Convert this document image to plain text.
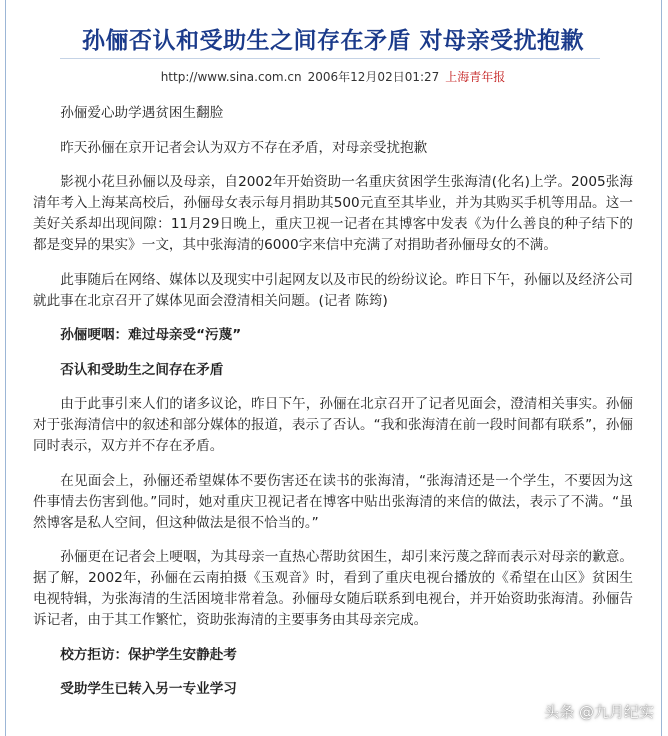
孙俪否认和受助生之间存在矛盾 对母亲受扰抱歉
http://www.sina.com.cn 2006年12月02日01:27 上海青年报

孙俪爱心助学遇贫困生翻脸

昨天孙俪在京开记者会认为双方不存在矛盾，对母亲受扰抱歉

影视小花旦孙俪以及母亲，自2002年开始资助一名重庆贫困学生张海清(化名)上学。2005张海清年考入上海某高校后，孙俪母女表示每月捐助其500元直至其毕业，并为其购买手机等用品。这一美好关系却出现间隙：11月29日晚上，重庆卫视一记者在其博客中发表《为什么善良的种子结下的都是变异的果实》一文，其中张海清的6000字来信中充满了对捐助者孙俪母女的不满。

此事随后在网络、媒体以及现实中引起网友以及市民的纷纷议论。昨日下午，孙俪以及经济公司就此事在北京召开了媒体见面会澄清相关问题。(记者 陈筠)

孙俪哽咽：难过母亲受“污蔑”

否认和受助生之间存在矛盾

由于此事引来人们的诸多议论，昨日下午，孙俪在北京召开了记者见面会，澄清相关事实。孙俪对于张海清信中的叙述和部分媒体的报道，表示了否认。“我和张海清在前一段时间都有联系”，孙俪同时表示，双方并不存在矛盾。

在见面会上，孙俪还希望媒体不要伤害还在读书的张海清，“张海清还是一个学生，不要因为这件事情去伤害到他。”同时，她对重庆卫视记者在博客中贴出张海清的来信的做法，表示了不满。“虽然博客是私人空间，但这种做法是很不恰当的。”

孙俪更在记者会上哽咽，为其母亲一直热心帮助贫困生，却引来污蔑之辞而表示对母亲的歉意。据了解，2002年，孙俪在云南拍摄《玉观音》时，看到了重庆电视台播放的《希望在山区》贫困生电视特辑，为张海清的生活困境非常着急。孙俪母女随后联系到电视台，并开始资助张海清。孙俪告诉记者，由于其工作繁忙，资助张海清的主要事务由其母亲完成。

校方拒访：保护学生安静赴考

受助学生已转入另一专业学习

头条 @九月纪实
